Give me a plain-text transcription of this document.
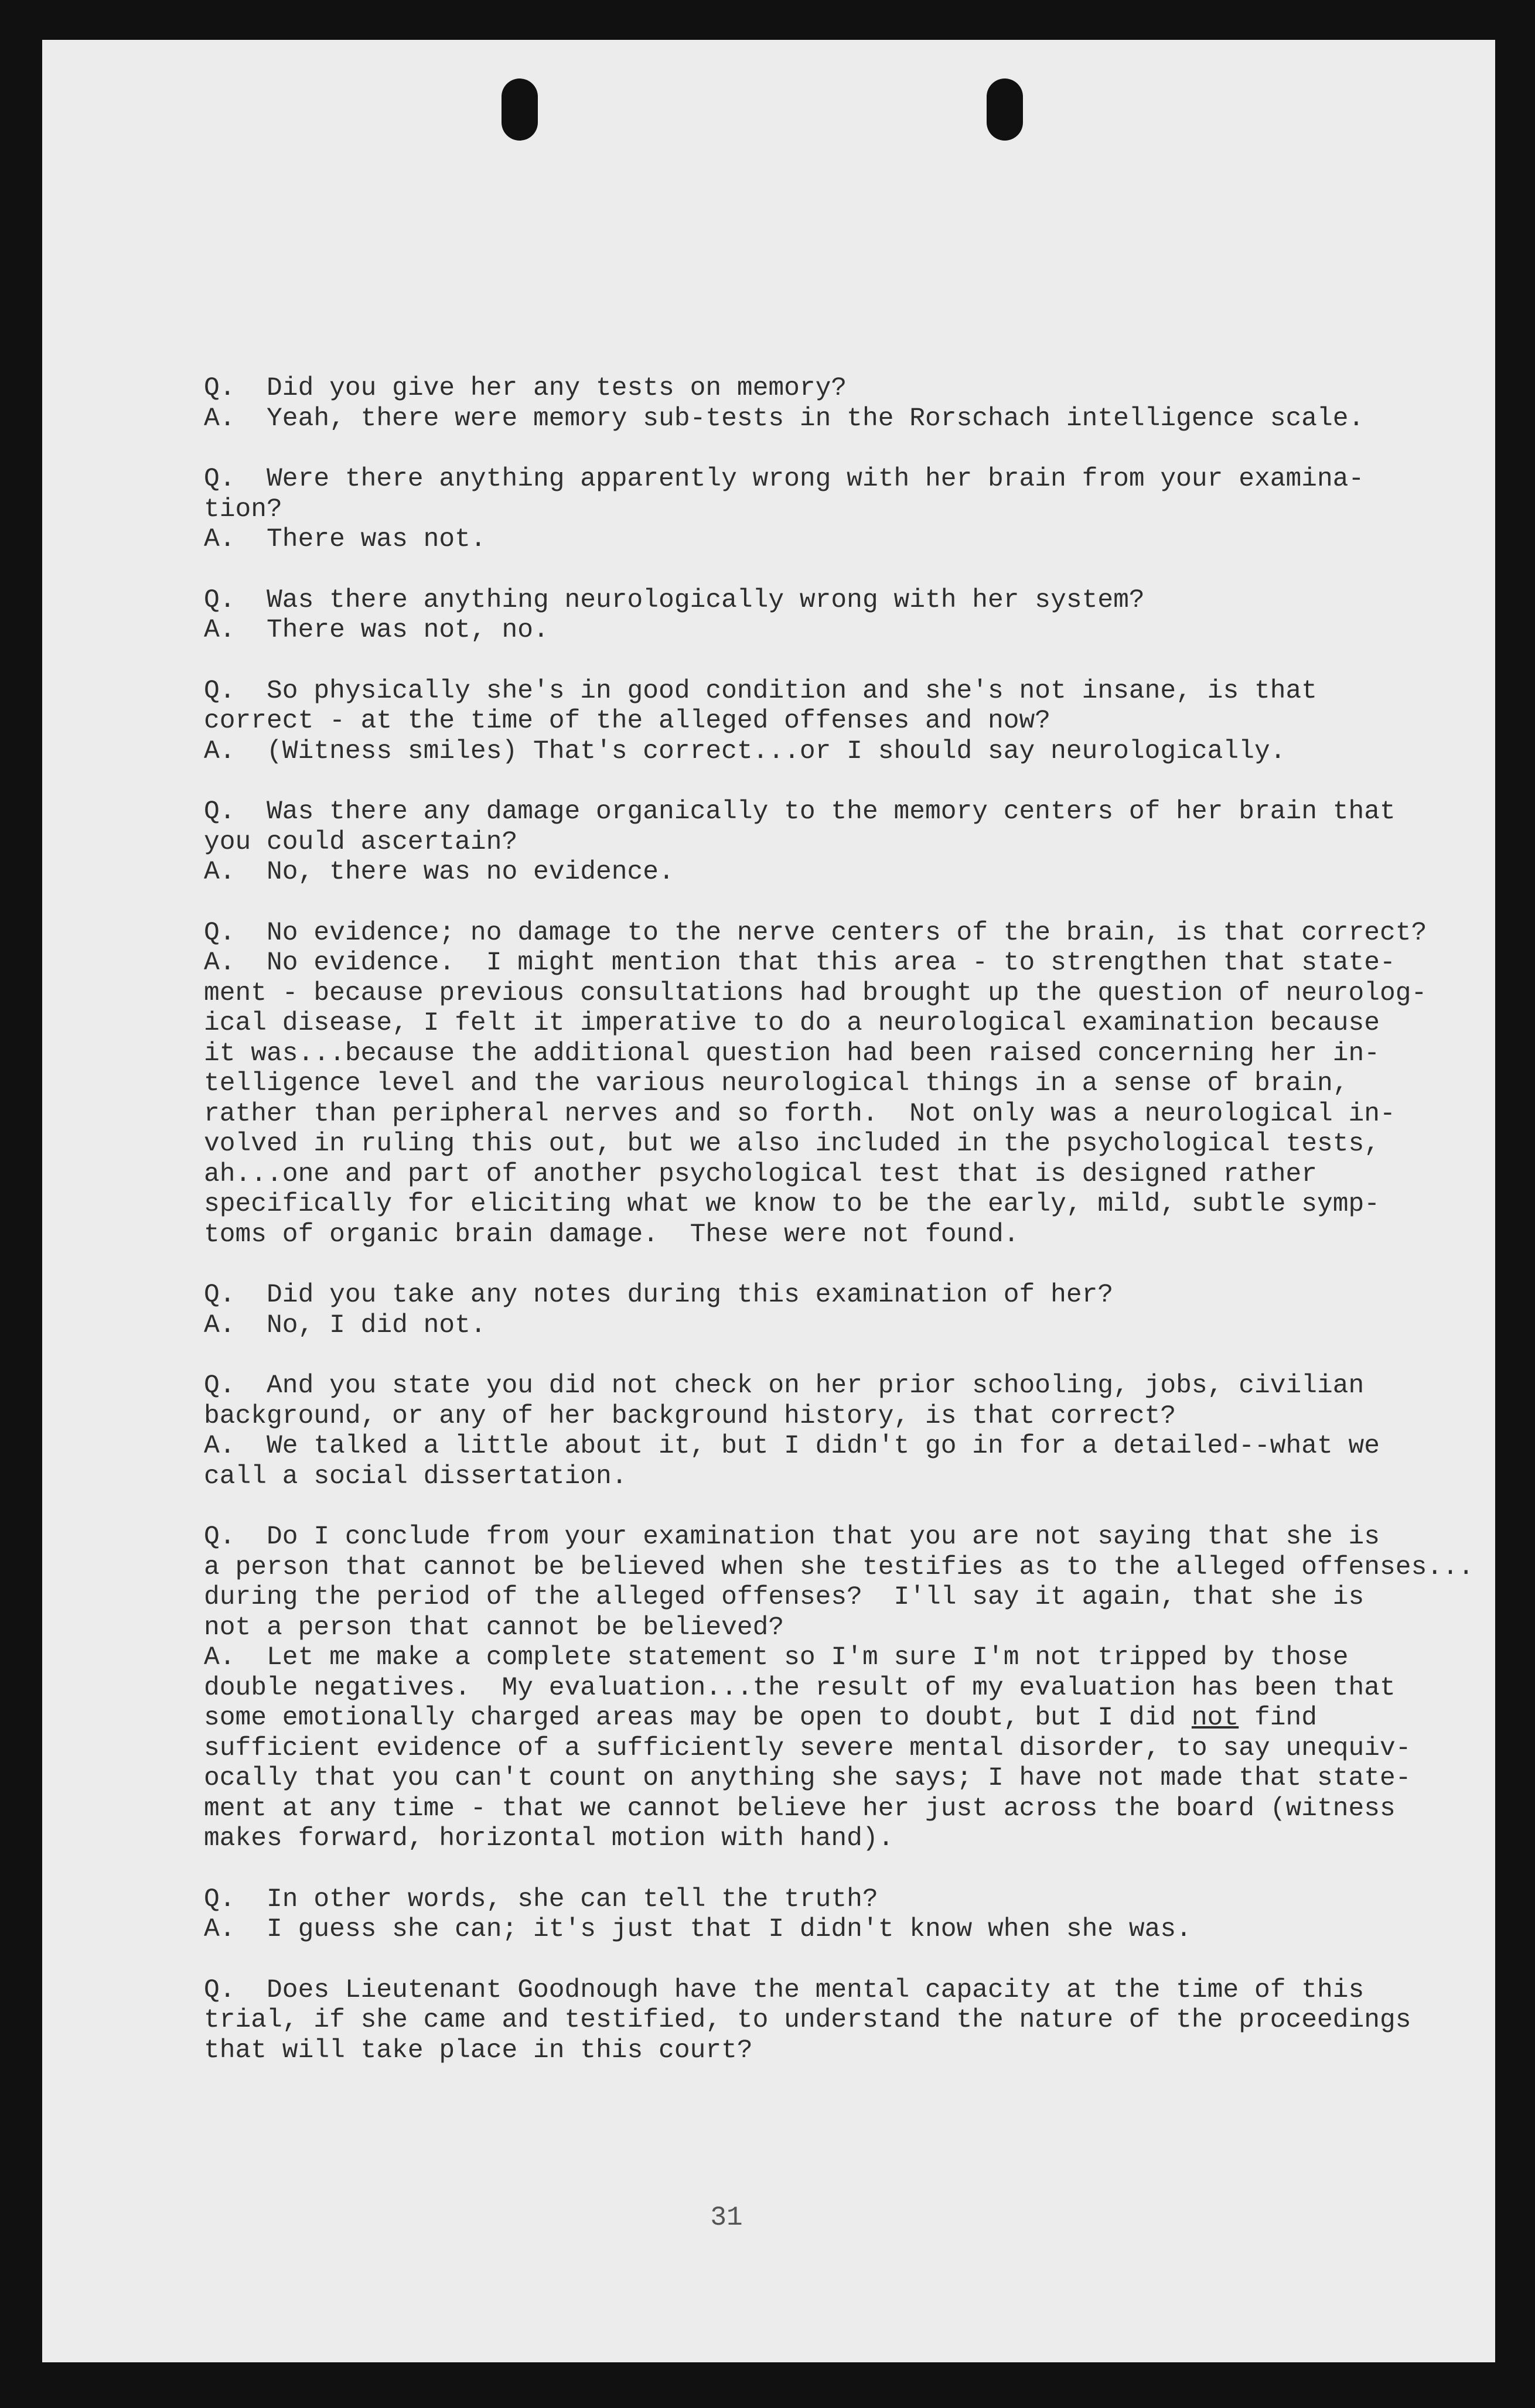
Q.  Did you give her any tests on memory?
A.  Yeah, there were memory sub-tests in the Rorschach intelligence scale.
Q.  Were there anything apparently wrong with her brain from your examina-
tion?
A.  There was not.
Q.  Was there anything neurologically wrong with her system?
A.  There was not, no.
Q.  So physically she's in good condition and she's not insane, is that
correct - at the time of the alleged offenses and now?
A.  (Witness smiles) That's correct...or I should say neurologically.
Q.  Was there any damage organically to the memory centers of her brain that
you could ascertain?
A.  No, there was no evidence.
Q.  No evidence; no damage to the nerve centers of the brain, is that correct?
A.  No evidence.  I might mention that this area - to strengthen that state-
ment - because previous consultations had brought up the question of neurolog-
ical disease, I felt it imperative to do a neurological examination because
it was...because the additional question had been raised concerning her in-
telligence level and the various neurological things in a sense of brain,
rather than peripheral nerves and so forth.  Not only was a neurological in-
volved in ruling this out, but we also included in the psychological tests,
ah...one and part of another psychological test that is designed rather
specifically for eliciting what we know to be the early, mild, subtle symp-
toms of organic brain damage.  These were not found.
Q.  Did you take any notes during this examination of her?
A.  No, I did not.
Q.  And you state you did not check on her prior schooling, jobs, civilian
background, or any of her background history, is that correct?
A.  We talked a little about it, but I didn't go in for a detailed--what we
call a social dissertation.
Q.  Do I conclude from your examination that you are not saying that she is
a person that cannot be believed when she testifies as to the alleged offenses...
during the period of the alleged offenses?  I'll say it again, that she is
not a person that cannot be believed?
A.  Let me make a complete statement so I'm sure I'm not tripped by those
double negatives.  My evaluation...the result of my evaluation has been that
some emotionally charged areas may be open to doubt, but I did not find
sufficient evidence of a sufficiently severe mental disorder, to say unequiv-
ocally that you can't count on anything she says; I have not made that state-
ment at any time - that we cannot believe her just across the board (witness
makes forward, horizontal motion with hand).
Q.  In other words, she can tell the truth?
A.  I guess she can; it's just that I didn't know when she was.
Q.  Does Lieutenant Goodnough have the mental capacity at the time of this
trial, if she came and testified, to understand the nature of the proceedings
that will take place in this court?
31
